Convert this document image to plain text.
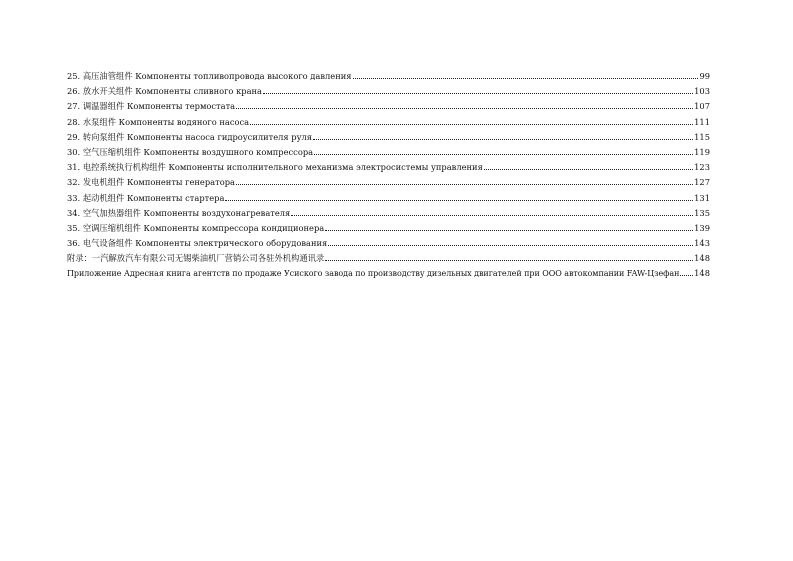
25. 高压油管组件 Компоненты топливопровода высокого давления	99
26. 放水开关组件 Компоненты сливного крана	103
27. 调温器组件 Компоненты термостата	107
28. 水泵组件 Компоненты водяного насоса	111
29. 转向泵组件 Компоненты насоса гидроусилителя руля	115
30. 空气压缩机组件 Компоненты воздушного компрессора	119
31. 电控系统执行机构组件 Компоненты исполнительного механизма электросистемы управления	123
32. 发电机组件 Компоненты генератора	127
33. 起动机组件 Компоненты стартера	131
34. 空气加热器组件 Компоненты воздухонагревателя	135
35. 空调压缩机组件 Компоненты компрессора кондиционера	139
36. 电气设备组件 Компоненты электрического оборудования	143
附录：一汽解放汽车有限公司无锡柴油机厂营销公司各驻外机构通讯录	148
Приложение Адресная книга агентств по продаже Усиского завода по производству дизельных двигателей при ООО автокомпании FAW-Цзефан 148
